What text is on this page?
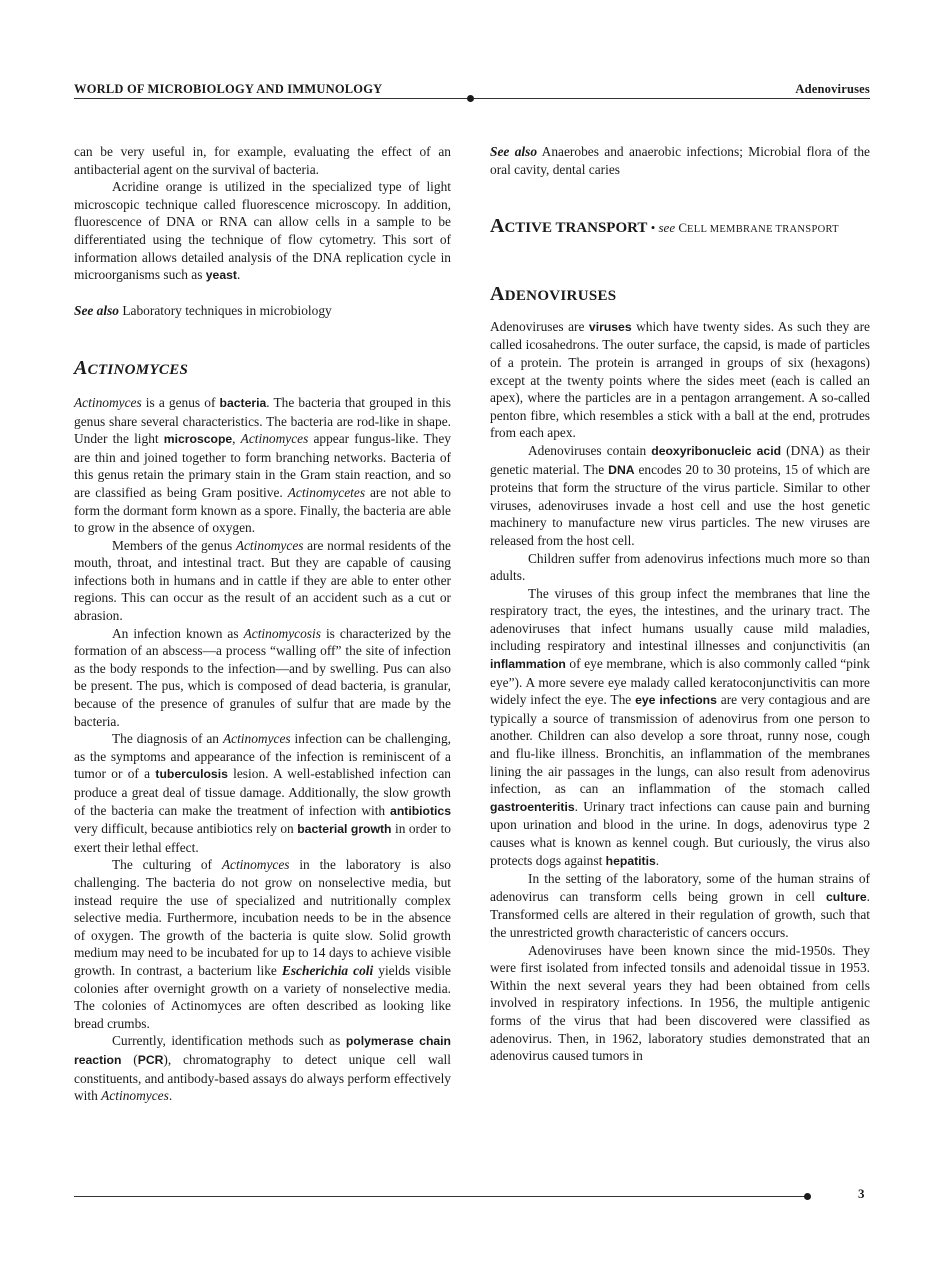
WORLD OF MICROBIOLOGY AND IMMUNOLOGY	Adenoviruses

can be very useful in, for example, evaluating the effect of an antibacterial agent on the survival of bacteria.

Acridine orange is utilized in the specialized type of light microscopic technique called fluorescence microscopy. In addition, fluorescence of DNA or RNA can allow cells in a sample to be differentiated using the technique of flow cytometry. This sort of information allows detailed analysis of the DNA replication cycle in microorganisms such as yeast.

See also Laboratory techniques in microbiology

ACTINOMYCES

Actinomyces is a genus of bacteria. The bacteria that grouped in this genus share several characteristics. The bacteria are rod-like in shape. Under the light microscope, Actinomyces appear fungus-like. They are thin and joined together to form branching networks. Bacteria of this genus retain the primary stain in the Gram stain reaction, and so are classified as being Gram positive. Actinomycetes are not able to form the dormant form known as a spore. Finally, the bacteria are able to grow in the absence of oxygen.

Members of the genus Actinomyces are normal residents of the mouth, throat, and intestinal tract. But they are capable of causing infections both in humans and in cattle if they are able to enter other regions. This can occur as the result of an accident such as a cut or abrasion.

An infection known as Actinomycosis is characterized by the formation of an abscess—a process “walling off” the site of infection as the body responds to the infection—and by swelling. Pus can also be present. The pus, which is composed of dead bacteria, is granular, because of the presence of granules of sulfur that are made by the bacteria.

The diagnosis of an Actinomyces infection can be challenging, as the symptoms and appearance of the infection is reminiscent of a tumor or of a tuberculosis lesion. A well-established infection can produce a great deal of tissue damage. Additionally, the slow growth of the bacteria can make the treatment of infection with antibiotics very difficult, because antibiotics rely on bacterial growth in order to exert their lethal effect.

The culturing of Actinomyces in the laboratory is also challenging. The bacteria do not grow on nonselective media, but instead require the use of specialized and nutritionally complex selective media. Furthermore, incubation needs to be in the absence of oxygen. The growth of the bacteria is quite slow. Solid growth medium may need to be incubated for up to 14 days to achieve visible growth. In contrast, a bacterium like Escherichia coli yields visible colonies after overnight growth on a variety of nonselective media. The colonies of Actinomyces are often described as looking like bread crumbs.

Currently, identification methods such as polymerase chain reaction (PCR), chromatography to detect unique cell wall constituents, and antibody-based assays do always perform effectively with Actinomyces.

See also Anaerobes and anaerobic infections; Microbial flora of the oral cavity, dental caries

ACTIVE TRANSPORT • see CELL MEMBRANE TRANSPORT
ADENOVIRUSES

Adenoviruses are viruses which have twenty sides. As such they are called icosahedrons. The outer surface, the capsid, is made of particles of a protein. The protein is arranged in groups of six (hexagons) except at the twenty points where the sides meet (each is called an apex), where the particles are in a pentagon arrangement. A so-called penton fibre, which resembles a stick with a ball at the end, protrudes from each apex.

Adenoviruses contain deoxyribonucleic acid (DNA) as their genetic material. The DNA encodes 20 to 30 proteins, 15 of which are proteins that form the structure of the virus particle. Similar to other viruses, adenoviruses invade a host cell and use the host genetic machinery to manufacture new virus particles. The new viruses are released from the host cell.

Children suffer from adenovirus infections much more so than adults.

The viruses of this group infect the membranes that line the respiratory tract, the eyes, the intestines, and the urinary tract. The adenoviruses that infect humans usually cause mild maladies, including respiratory and intestinal illnesses and conjunctivitis (an inflammation of eye membrane, which is also commonly called “pink eye”). A more severe eye malady called keratoconjunctivitis can more widely infect the eye. The eye infections are very contagious and are typically a source of transmission of adenovirus from one person to another. Children can also develop a sore throat, runny nose, cough and flu-like illness. Bronchitis, an inflammation of the membranes lining the air passages in the lungs, can also result from adenovirus infection, as can an inflammation of the stomach called gastroenteritis. Urinary tract infections can cause pain and burning upon urination and blood in the urine. In dogs, adenovirus type 2 causes what is known as kennel cough. But curiously, the virus also protects dogs against hepatitis.

In the setting of the laboratory, some of the human strains of adenovirus can transform cells being grown in cell culture. Transformed cells are altered in their regulation of growth, such that the unrestricted growth characteristic of cancers occurs.

Adenoviruses have been known since the mid-1950s. They were first isolated from infected tonsils and adenoidal tissue in 1953. Within the next several years they had been obtained from cells involved in respiratory infections. In 1956, the multiple antigenic forms of the virus that had been discovered were classified as adenovirus. Then, in 1962, laboratory studies demonstrated that an adenovirus caused tumors in

3
